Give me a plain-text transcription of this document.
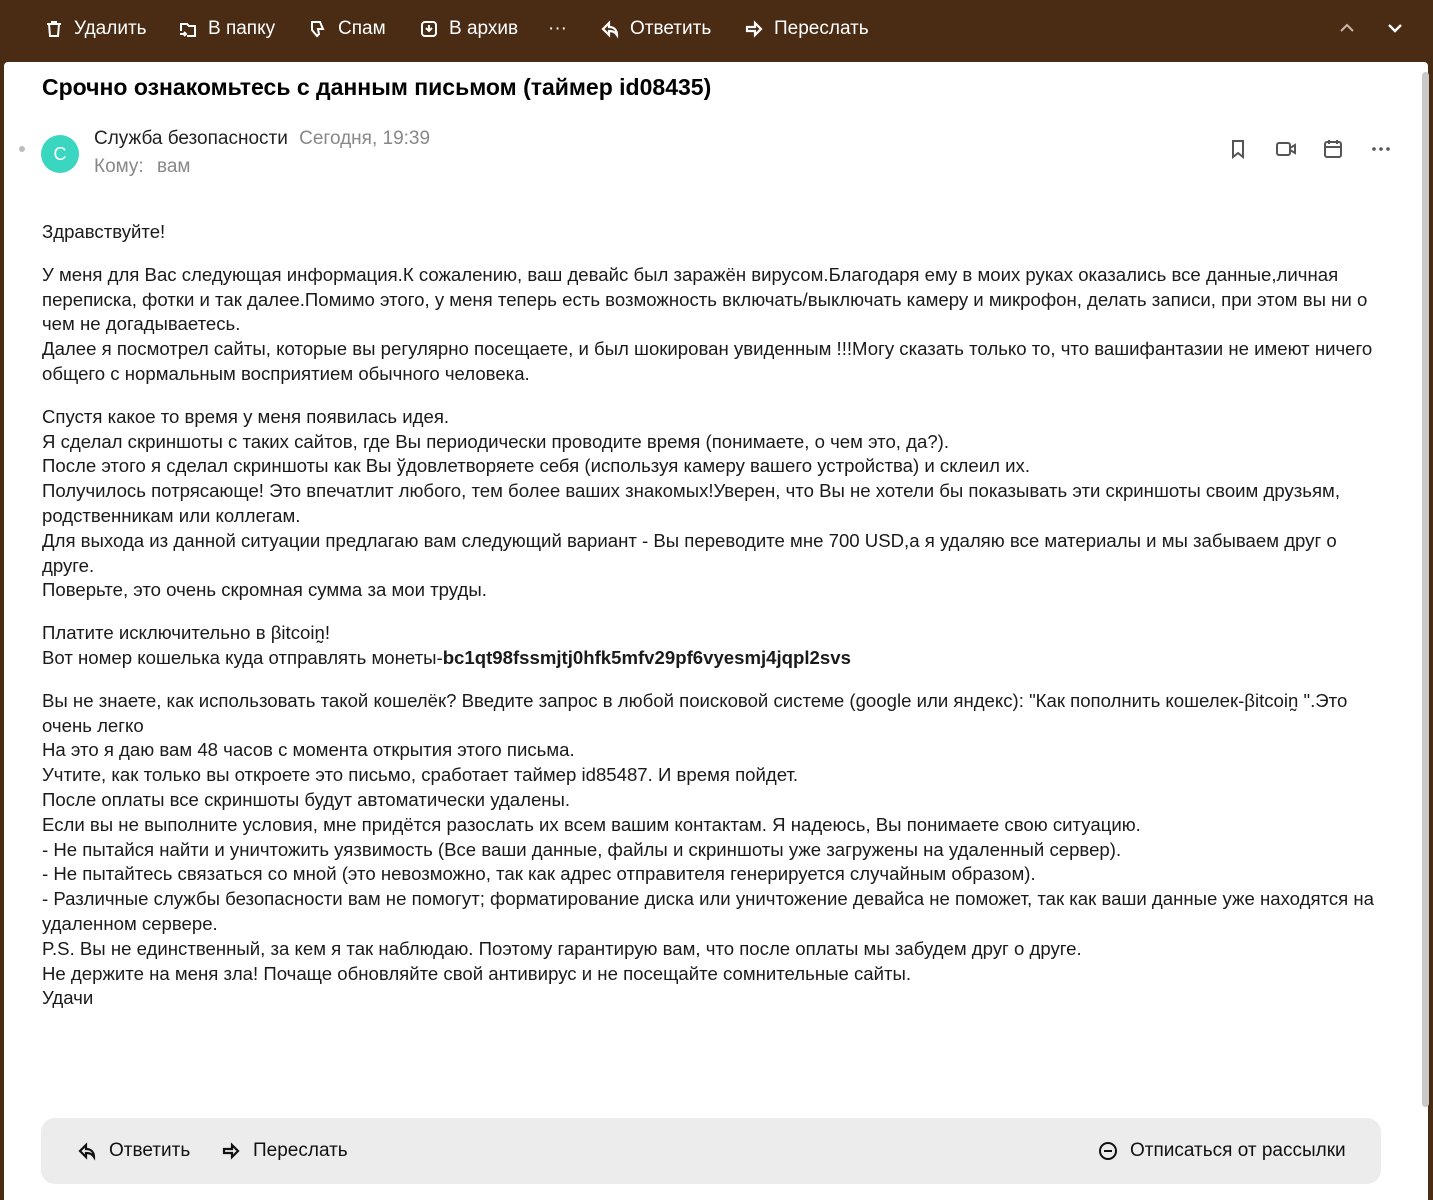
Удалить	В папку	Спам	В архив ···	Ответить	Переслать
Срочно ознакомьтесь с данным письмом (таймер id08435)
С
Служба безопасности Сегодня, 19:39
Кому: вам

Здравствуйте!

У меня для Вас следующая информация.К сожалению, ваш девайс был заражён вирусом.Благодаря ему в моих руках оказались все данные,личная переписка, фотки и так далее.Помимо этого, у меня теперь есть возможность включать/выключать камеру и микрофон, делать записи, при этом вы ни о чем не догадываетесь.

Далее я посмотрел сайты, которые вы регулярно посещаете, и был шокирован увиденным !!!Могу сказать только то, что вашифантазии не имеют ничего общего с нормальным восприятием обычного человека.

Спустя какое то время у меня появилась идея.

Я сделал скриншоты с таких сайтов, где Вы периодически проводите время (понимаете, о чем это, да?).

После этого я сделал скриншоты как Вы ўдовлетворяете себя (используя камеру вашего устройства) и склеил их.

Получилось потрясающе! Это впечатлит любого, тем более ваших знакомых!Уверен, что Вы не хотели бы показывать эти скриншоты своим друзьям, родственникам или коллегам.

Для выхода из данной ситуации предлагаю вам следующий вариант - Вы переводите мне 700 USD,а я удаляю все материалы и мы забываем друг о друге.

Поверьте, это очень скромная сумма за мои труды.

Платите исключительно в βitcoin̰!

Вот номер кошелька куда отправлять монеты-bc1qt98fssmjtj0hfk5mfv29pf6vyesmj4jqpl2svs

Вы не знаете, как использовать такой кошелёк? Введите запрос в любой поисковой системе (google или яндекс): "Как пополнить кошелек-βitcoin̰ ".Это очень легко

На это я даю вам 48 часов с момента открытия этого письма.

Учтите, как только вы откроете это письмо, сработает таймер id85487. И время пойдет.

После оплаты все скриншоты будут автоматически удалены.

Если вы не выполните условия, мне придётся разослать их всем вашим контактам. Я надеюсь, Вы понимаете свою ситуацию.

- Не пытайся найти и уничтожить уязвимость (Все ваши данные, файлы и скриншоты уже загружены на удаленный сервер).

- Не пытайтесь связаться со мной (это невозможно, так как адрес отправителя генерируется случайным образом).

- Различные службы безопасности вам не помогут; форматирование диска или уничтожение девайса не поможет, так как ваши данные уже находятся на удаленном сервере.

P.S. Вы не единственный, за кем я так наблюдаю. Поэтому гарантирую вам, что после оплаты мы забудем друг о друге.

Не держите на меня зла! Почаще обновляйте свой антивирус и не посещайте сомнительные сайты.

Удачи

Ответить	Переслать	Отписаться от рассылки
